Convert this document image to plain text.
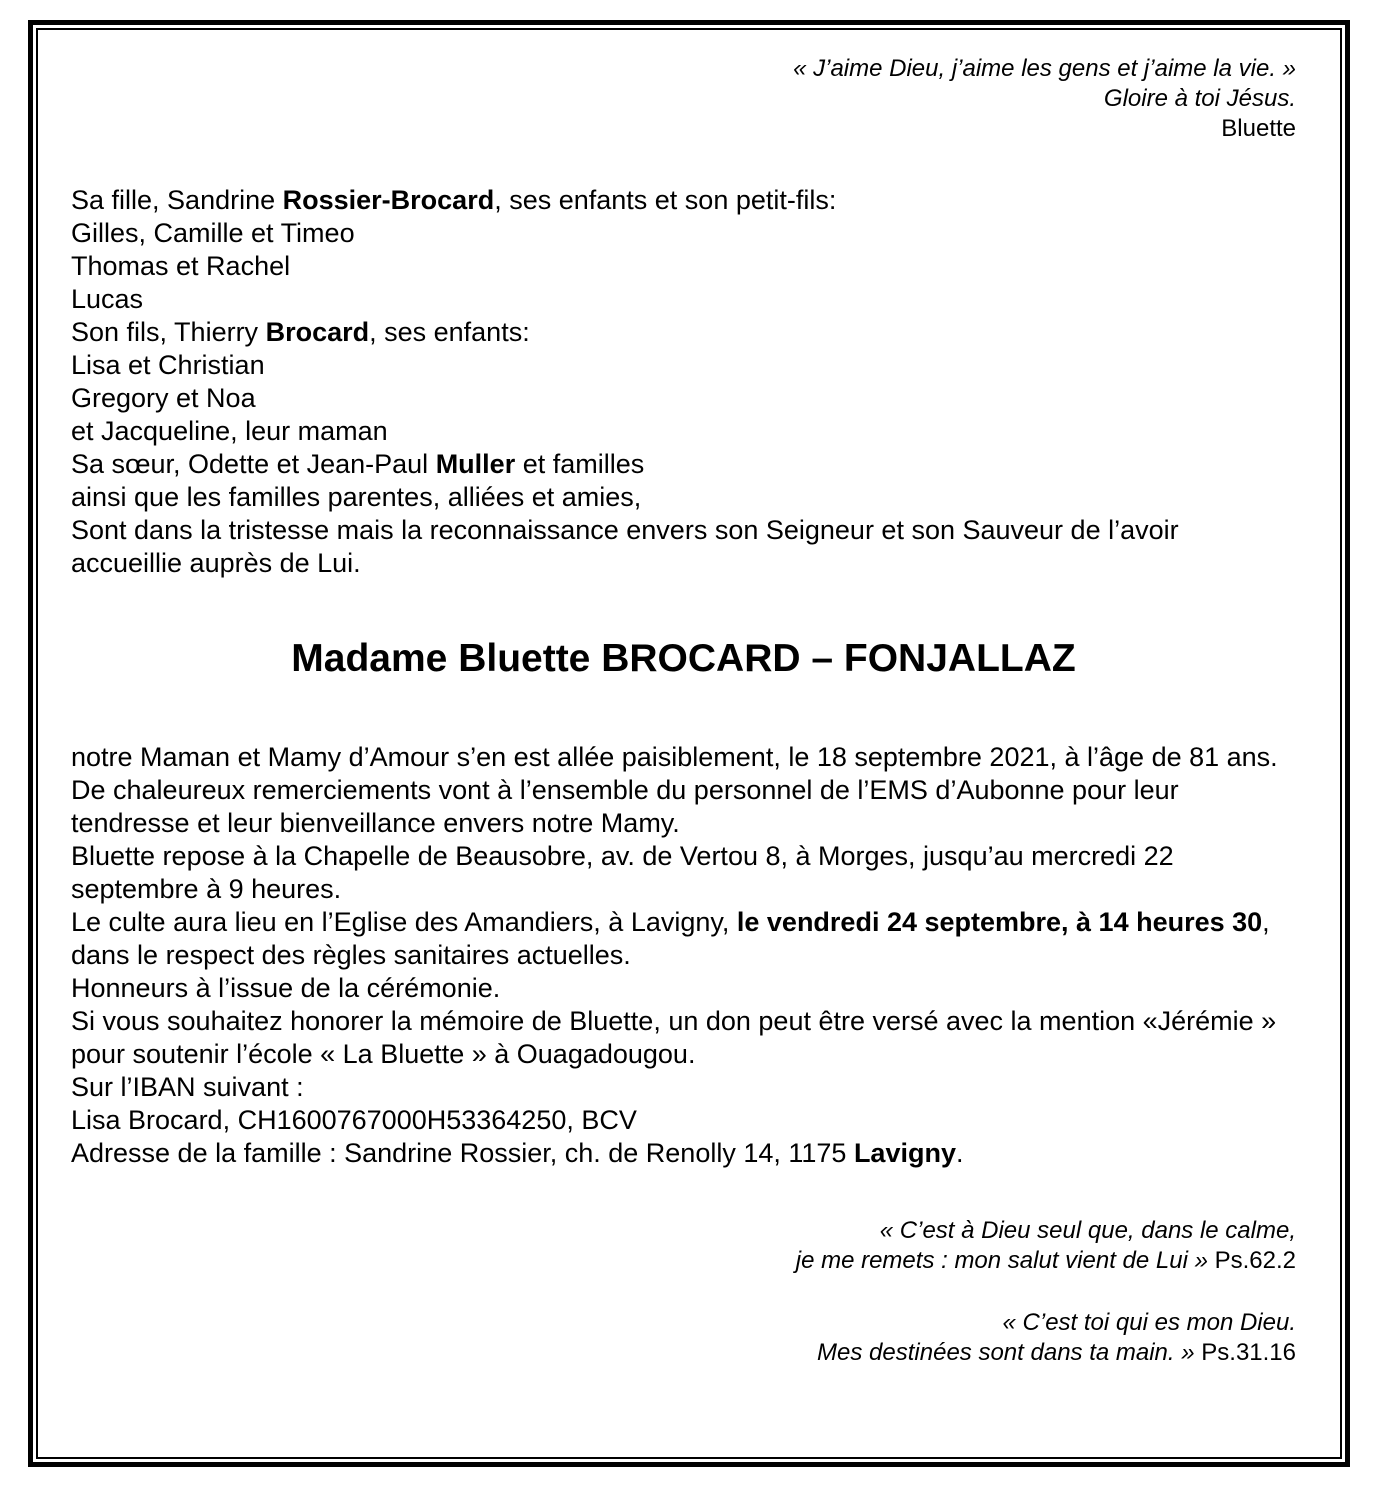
« J’aime Dieu, j’aime les gens et j’aime la vie. »

Gloire à toi Jésus.

Bluette

Sa fille, Sandrine Rossier-Brocard, ses enfants et son petit-fils:

Gilles, Camille et Timeo

Thomas et Rachel

Lucas

Son fils, Thierry Brocard, ses enfants:

Lisa et Christian

Gregory et Noa

et Jacqueline, leur maman

Sa sœur, Odette et Jean-Paul Muller et familles

ainsi que les familles parentes, alliées et amies,

Sont dans la tristesse mais la reconnaissance envers son Seigneur et son Sauveur de l’avoir accueillie auprès de Lui.

Madame Bluette BROCARD – FONJALLAZ

notre Maman et Mamy d’Amour s’en est allée paisiblement, le 18 septembre 2021, à l’âge de 81 ans.

De chaleureux remerciements vont à l’ensemble du personnel de l’EMS d’Aubonne pour leur tendresse et leur bienveillance envers notre Mamy.

Bluette repose à la Chapelle de Beausobre, av. de Vertou 8, à Morges, jusqu’au mercredi 22 septembre à 9 heures.

Le culte aura lieu en l’Eglise des Amandiers, à Lavigny, le vendredi 24 septembre, à 14 heures 30, dans le respect des règles sanitaires actuelles.

Honneurs à l’issue de la cérémonie.

Si vous souhaitez honorer la mémoire de Bluette, un don peut être versé avec la mention «Jérémie » pour soutenir l’école « La Bluette » à Ouagadougou.

Sur l’IBAN suivant :

Lisa Brocard, CH1600767000H53364250, BCV

Adresse de la famille : Sandrine Rossier, ch. de Renolly 14, 1175 Lavigny.

« C’est à Dieu seul que, dans le calme,

je me remets : mon salut vient de Lui » Ps.62.2

« C’est toi qui es mon Dieu.

Mes destinées sont dans ta main. » Ps.31.16
